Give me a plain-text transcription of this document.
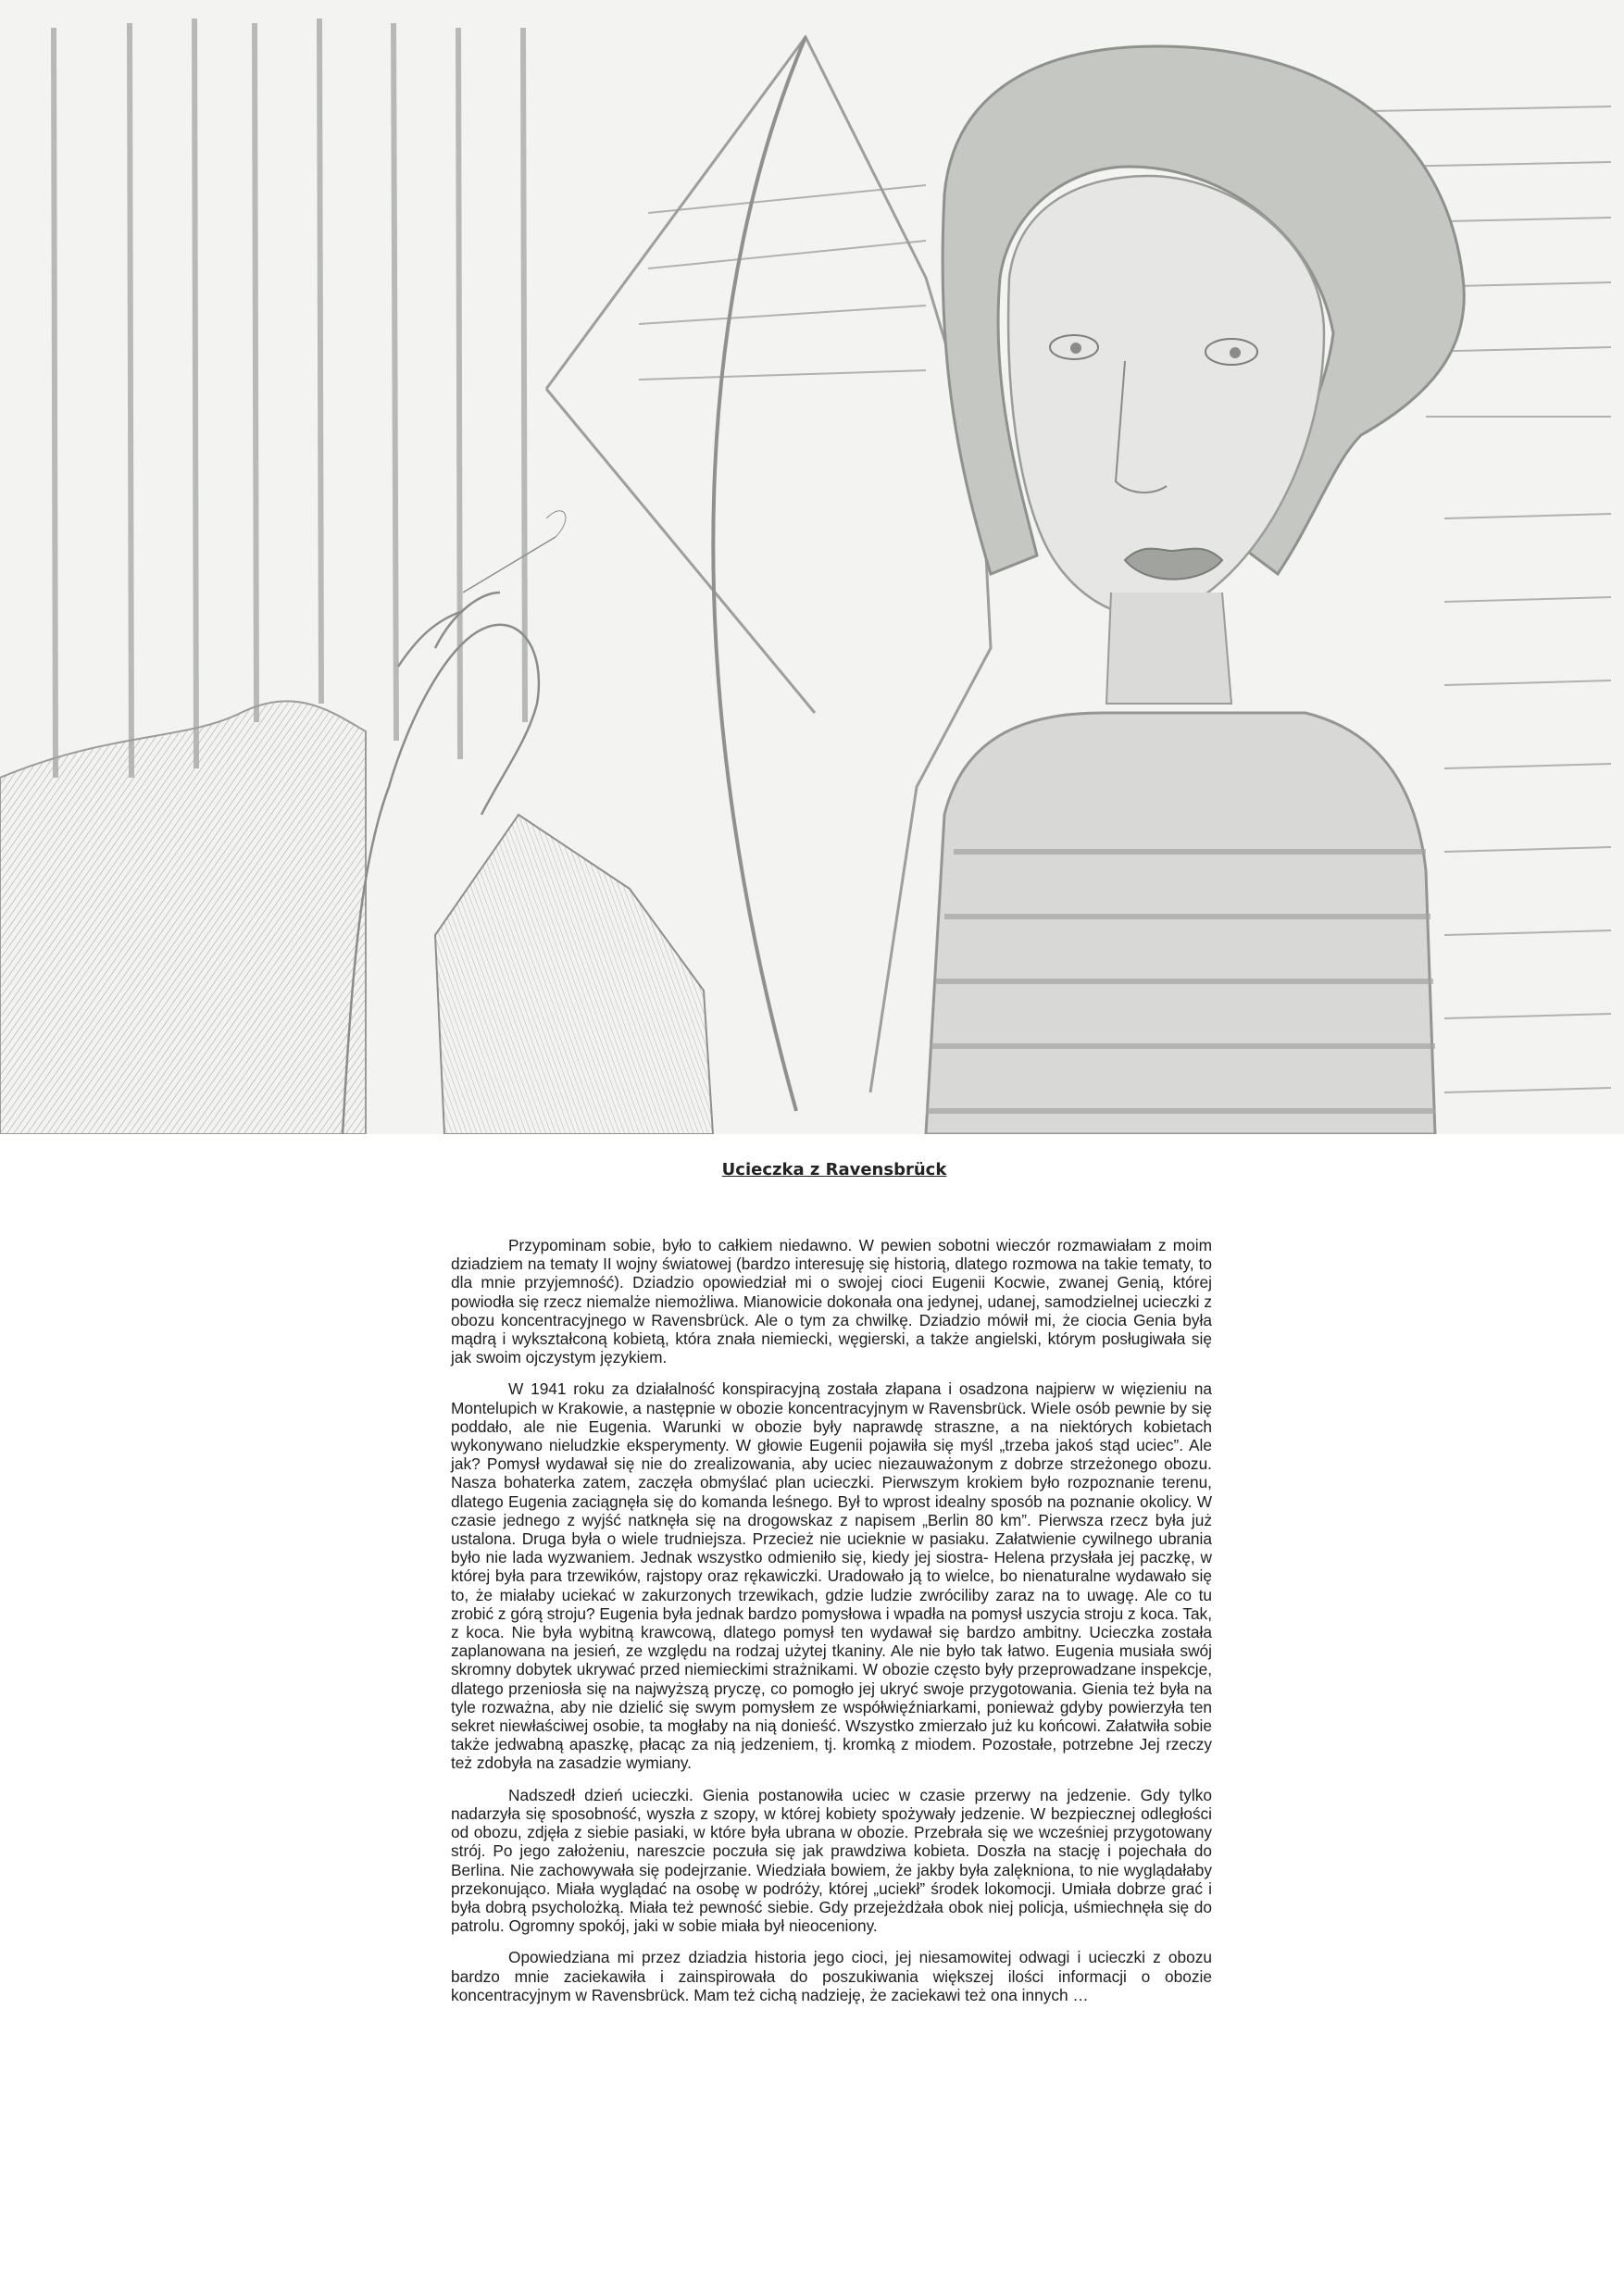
Ucieczka z Ravensbrück

Przypominam sobie, było to całkiem niedawno. W pewien sobotni wieczór rozmawiałam z moim dziadziem na tematy II wojny światowej (bardzo interesuję się historią, dlatego rozmowa na takie tematy, to dla mnie przyjemność). Dziadzio opowiedział mi o swojej cioci Eugenii Kocwie, zwanej Genią, której powiodła się rzecz niemalże niemożliwa. Mianowicie dokonała ona jedynej, udanej, samodzielnej ucieczki z obozu koncentracyjnego w Ravensbrück. Ale o tym za chwilkę. Dziadzio mówił mi, że ciocia Genia była mądrą i wykształconą kobietą, która znała niemiecki, węgierski, a także angielski, którym posługiwała się jak swoim ojczystym językiem.

W 1941 roku za działalność konspiracyjną została złapana i osadzona najpierw w więzieniu na Montelupich w Krakowie, a następnie w obozie koncentracyjnym w Ravensbrück. Wiele osób pewnie by się poddało, ale nie Eugenia. Warunki w obozie były naprawdę straszne, a na niektórych kobietach wykonywano nieludzkie eksperymenty. W głowie Eugenii pojawiła się myśl „trzeba jakoś stąd uciec”. Ale jak? Pomysł wydawał się nie do zrealizowania, aby uciec niezauważonym z dobrze strzeżonego obozu. Nasza bohaterka zatem, zaczęła obmyślać plan ucieczki. Pierwszym krokiem było rozpoznanie terenu, dlatego Eugenia zaciągnęła się do komanda leśnego. Był to wprost idealny sposób na poznanie okolicy. W czasie jednego z wyjść natknęła się na drogowskaz z napisem „Berlin 80 km”. Pierwsza rzecz była już ustalona. Druga była o wiele trudniejsza. Przecież nie ucieknie w pasiaku. Załatwienie cywilnego ubrania było nie lada wyzwaniem. Jednak wszystko odmieniło się, kiedy jej siostra- Helena przysłała jej paczkę, w której była para trzewików, rajstopy oraz rękawiczki. Uradowało ją to wielce, bo nienaturalne wydawało się to, że miałaby uciekać w zakurzonych trzewikach, gdzie ludzie zwróciliby zaraz na to uwagę. Ale co tu zrobić z górą stroju? Eugenia była jednak bardzo pomysłowa i wpadła na pomysł uszycia stroju z koca. Tak, z koca. Nie była wybitną krawcową, dlatego pomysł ten wydawał się bardzo ambitny. Ucieczka została zaplanowana na jesień, ze względu na rodzaj użytej tkaniny. Ale nie było tak łatwo. Eugenia musiała swój skromny dobytek ukrywać przed niemieckimi strażnikami. W obozie często były przeprowadzane inspekcje, dlatego przeniosła się na najwyższą pryczę, co pomogło jej ukryć swoje przygotowania. Gienia też była na tyle rozważna, aby nie dzielić się swym pomysłem ze współwięźniarkami, ponieważ gdyby powierzyła ten sekret niewłaściwej osobie, ta mogłaby na nią donieść. Wszystko zmierzało już ku końcowi. Załatwiła sobie także jedwabną apaszkę, płacąc za nią jedzeniem, tj. kromką z miodem. Pozostałe, potrzebne Jej rzeczy też zdobyła na zasadzie wymiany.

Nadszedł dzień ucieczki. Gienia postanowiła uciec w czasie przerwy na jedzenie. Gdy tylko nadarzyła się sposobność, wyszła z szopy, w której kobiety spożywały jedzenie. W bezpiecznej odległości od obozu, zdjęła z siebie pasiaki, w które była ubrana w obozie. Przebrała się we wcześniej przygotowany strój. Po jego założeniu, nareszcie poczuła się jak prawdziwa kobieta. Doszła na stację i pojechała do Berlina. Nie zachowywała się podejrzanie. Wiedziała bowiem, że jakby była zalękniona, to nie wyglądałaby przekonująco. Miała wyglądać na osobę w podróży, której „uciekł” środek lokomocji. Umiała dobrze grać i była dobrą psycholożką. Miała też pewność siebie. Gdy przejeżdżała obok niej policja, uśmiechnęła się do patrolu. Ogromny spokój, jaki w sobie miała był nieoceniony.

Opowiedziana mi przez dziadzia historia jego cioci, jej niesamowitej odwagi i ucieczki z obozu bardzo mnie zaciekawiła i zainspirowała do poszukiwania większej ilości informacji o obozie koncentracyjnym w Ravensbrück. Mam też cichą nadzieję, że zaciekawi też ona innych …
